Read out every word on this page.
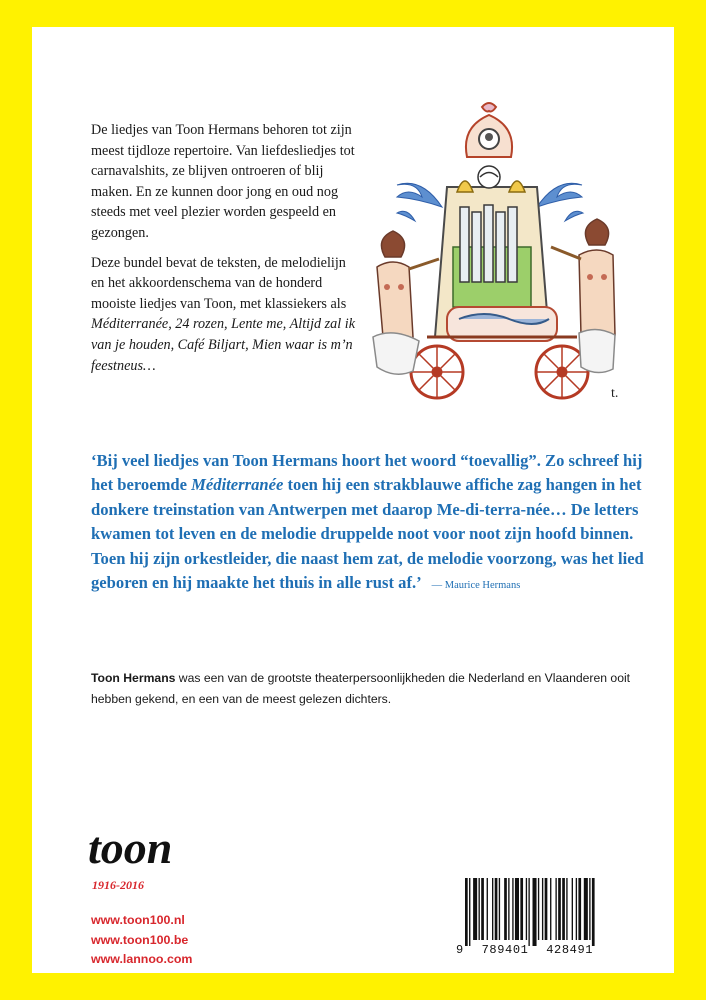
De liedjes van Toon Hermans behoren tot zijn meest tijdloze repertoire. Van liefdesliedjes tot carnavalshits, ze blijven ontroeren of blij maken. En ze kunnen door jong en oud nog steeds met veel plezier worden gespeeld en gezongen.

Deze bundel bevat de teksten, de melodielijn en het akkoordenschema van de honderd mooiste liedjes van Toon, met klassiekers als Méditerranée, 24 rozen, Lente me, Altijd zal ik van je houden, Café Biljart, Mien waar is m’n feestneus…

t.
‘Bij veel liedjes van Toon Hermans hoort het woord “toevallig”. Zo schreef hij het beroemde Méditerranée toen hij een strakblauwe affiche zag hangen in het donkere treinstation van Antwerpen met daarop Me-di-terra-née… De letters kwamen tot leven en de melodie druppelde noot voor noot zijn hoofd binnen. Toen hij zijn orkestleider, die naast hem zat, de melodie voorzong, was het lied geboren en hij maakte het thuis in alle rust af.’ — Maurice Hermans
Toon Hermans was een van de grootste theaterpersoonlijkheden die Nederland en Vlaanderen ooit hebben gekend, en een van de meest gelezen dichters.
toon
1916-2016
www.toon100.nl
www.toon100.be
www.lannoo.com
9 789401 428491
